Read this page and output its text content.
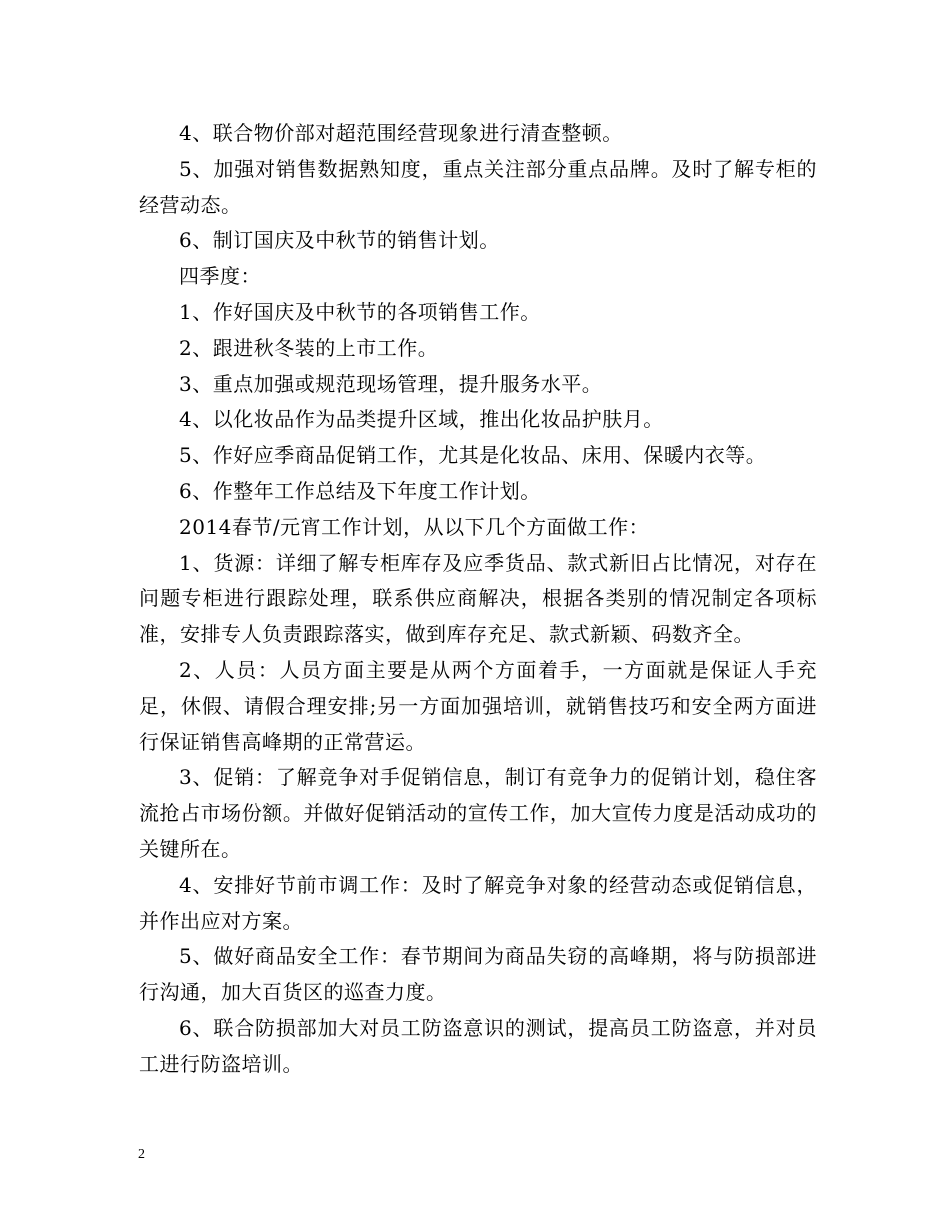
4、联合物价部对超范围经营现象进行清查整顿。

5、加强对销售数据熟知度，重点关注部分重点品牌。及时了解专柜的经营动态。

6、制订国庆及中秋节的销售计划。

四季度：

1、作好国庆及中秋节的各项销售工作。

2、跟进秋冬装的上市工作。

3、重点加强或规范现场管理，提升服务水平。

4、以化妆品作为品类提升区域，推出化妆品护肤月。

5、作好应季商品促销工作，尤其是化妆品、床用、保暖内衣等。

6、作整年工作总结及下年度工作计划。

2014春节/元宵工作计划，从以下几个方面做工作：

1、货源：详细了解专柜库存及应季货品、款式新旧占比情况，对存在问题专柜进行跟踪处理，联系供应商解决，根据各类别的情况制定各项标准，安排专人负责跟踪落实，做到库存充足、款式新颖、码数齐全。

2、人员：人员方面主要是从两个方面着手，一方面就是保证人手充足，休假、请假合理安排;另一方面加强培训，就销售技巧和安全两方面进行保证销售高峰期的正常营运。

3、促销：了解竞争对手促销信息，制订有竞争力的促销计划，稳住客流抢占市场份额。并做好促销活动的宣传工作，加大宣传力度是活动成功的关键所在。

4、安排好节前市调工作：及时了解竞争对象的经营动态或促销信息，并作出应对方案。

5、做好商品安全工作：春节期间为商品失窃的高峰期，将与防损部进行沟通，加大百货区的巡查力度。

6、联合防损部加大对员工防盗意识的测试，提高员工防盗意，并对员工进行防盗培训。

2
